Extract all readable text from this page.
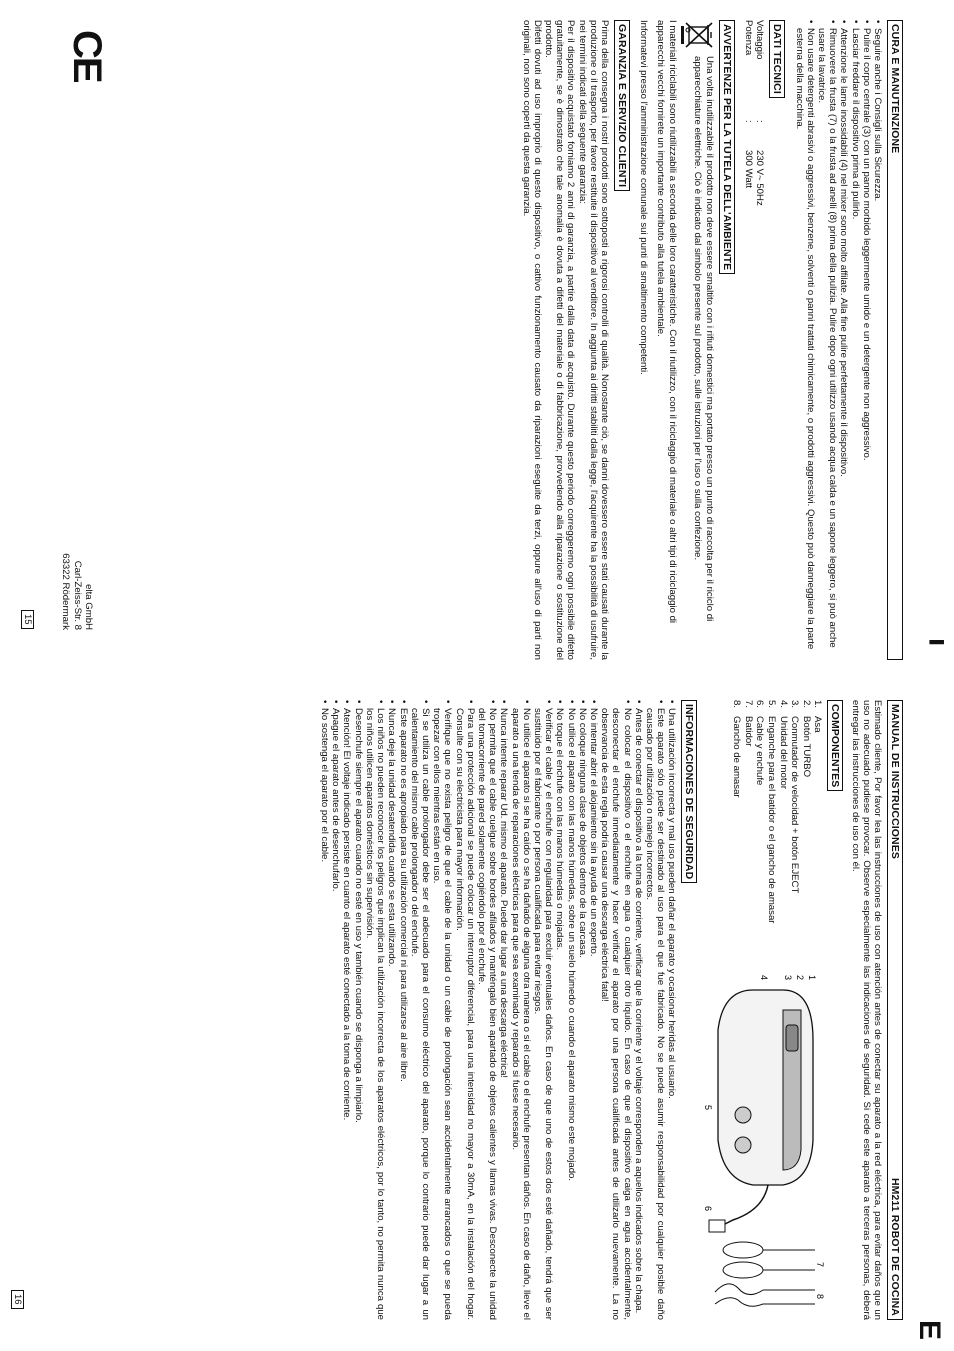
CURA E MANUTENZIONE
• Seguire anche i Consigli sulla Sicurezza.
• Pulire il corpo centrale (3) con un panno morbido leggermente umido e un detergente non aggressivo.
• Lasciar freddare il dispositivo prima di pulirlo.
• Attenzione le lame inossidabili (4) nel mixer sono molto affilate. Alla fine pulire perfettamente il dispositivo.
• Rimuovere la frusta (7) o la frusta ad anelli (8) prima della pulizia. Pulire dopo ogni utilizzo usando acqua calda e un sapone leggero, si può anche usare la lavatrice.
• Non usare detergenti abrasivi o aggressivi, benzene, solventi o panni trattati chimicamente, o prodotti aggressivi. Questo può danneggiare la parte esterna della macchina.
DATI TECNICI
Voltaggio
:
230 V~ 50Hz
Potenza
:
300 Watt
AVVERTENZE PER LA TUTELA DELL'AMBIENTE

Una volta inutilizzabile il prodotto non deve essere smaltito con i rifiuti domestici ma portato presso un punto di raccolta per il riciclo di apparecchiature elettriche. Ciò è indicato dal simbolo presente sul prodotto, sulle istruzioni per l'uso o sulla confezione.

I materiali riciclabili sono riutilizzabili a seconda delle loro caratteristiche. Con il riutilizzo, con il riciclaggio di materiale o altri tipi di riciclaggio di apparecchi vecchi fornirete un importante contributo alla tutela ambientale.

Informatevi presso l'amministrazione comunale sui punti di smaltimento competenti.

GARANZIA E SERVIZIO CLIENTI

Prima della consegna i nostri prodotti sono sottoposti a rigorosi controlli di qualità. Nonostante ciò, se danni dovessero essere stati causati durante la produzione o il trasporto, per favore restituite il dispositivo al venditore. In aggiunta ai diritti stabiliti dalla legge, l'acquirente ha la possibilità di usufruire, nei termini indicati della seguente garanzia:

Per il dispositivo acquistato forniamo 2 anni di garanzia, a partire dalla data di acquisto. Durante questo periodo correggeremo ogni possibile difetto gratuitamente, se è dimostrato che tale anomalia è dovuta a difetti del materiale o di fabbricazione, provvedendo alla riparazione o sostituzione del prodotto.

Difetti dovuti ad uso improprio di questo dispositivo, o cattivo funzionamento causato da riparazioni eseguite da terzi, oppure all'uso di parti non originali, non sono coperti da questa garanzia.

▌
CE
elta GmbH
Carl-Zeiss-Str. 8
63322 Rödermark
15
MANUAL DE INSTRUCCIONES
HM211 ROBOT DE COCINA

Estimado cliente, Por favor lea las instrucciones de uso con atención antes de conectar su aparato a la red eléctrica, para evitar daños que un uso no adecuado pudiese provocar. Observe especialmente las indicaciones de seguridad. Si cede este aparato a terceras personas, deberá entregar las instrucciones de uso con él.

COMPONENTES
1.
Asa
2.
Botón TURBO
3.
Conmutador de velocidad + botón EJECT
4.
Unidad del motor
5.
Enganche para el batidor o el gancho de amasar
6.
Cable y enchufe
7.
Batidor
8.
Gancho de amasar
1
2
3
4
5
6
7
8
INFORMACIONES DE SEGURIDAD
• Una utilización incorrecta y mal uso pueden dañar el aparato y ocasionar heridas al usuario.
• Este aparato sólo puede ser destinado al uso para el que fue fabricado. No se puede asumir responsabilidad por cualquier posible daño causado por utilización o manejo incorrectos.
• Antes de conectar el dispositivo a la toma de corriente, verificar que la corriente y el voltaje corresponden a aquellos indicados sobre la chapa.
• No colocar el dispositivo o el enchufe en agua o cualquier otro líquido. En caso de que el dispositivo caiga en agua accidentalmente, desconectar el enchufe inmediatamente y hacer verificar el aparato por una persona cualificada antes de utilizarlo nuevamente. La no observancia de esta regla podría causar una descarga eléctrica fatal!
• No intentar abrir el alojamiento sin la ayuda de un experto.
• No coloque ninguna clase de objetos dentro de la carcasa.
• No utilice el aparato con las manos húmedas, sobre un suelo húmedo o cuando el aparato mismo este mojado.
• No toque el enchufe con las manos húmedas o mojadas.
• Verificar el cable y el enchufe con regularidad para excluir eventuales daños. En caso de que uno de estos dos esté dañado, tendrá que ser sustituido por el fabricante o por persona cualificada para evitar riesgos.
• No utilice el aparato si se ha caído o se ha dañado de alguna otra manera o si el cable o el enchufe presentan daños. En caso de daño, lleve el aparato a una tienda de reparaciones eléctricas para que sea examinado y reparado si fuese necesario.
• Nunca intente reparar Ud. mismo el aparato. Puede dar lugar a una descarga eléctrica!
• No permita que el cable cuelgue sobre bordes afilados y manténgalo bien apartado de objetos calientes y llamas vivas. Desconecte la unidad del tomacorriente de pared solamente cogiéndolo por el enchufe.
• Para una protección adicional se puede colocar un interruptor diferencial, para una intensidad no mayor a 30mA, en la instalación del hogar. Consulte con su electricista para mayor información.
• Verifique que no exista peligro de que el cable de la unidad o un cable de prolongación sean accidentalmente arrancados o que se pueda tropezar con ellos mientras están en uso.
• Si se utiliza un cable prolongador debe ser el adecuado para el consumo eléctrico del aparato, porque lo contrario puede dar lugar a un calentamiento del mismo cable prolongador o del enchufe.
• Este aparato no es apropiado para su utilización comercial ni para utilizarse al aire libre.
• Nunca deje la unidad desatendida cuando se esta utilizando.
• Los niños no pueden reconocer los peligros que implican la utilización incorrecta de los aparatos eléctricos, por lo tanto, no permita nunca que los niños utilicen aparatos domésticos sin supervisión.
• Desenchufe siempre el aparato cuando no esté en uso y también cuando se disponga a limpiarlo.
• Atención! El voltaje indicado persiste en cuanto el aparato esté conectado a la toma de corriente.
• Apague el aparato antes de desenchufarlo.
• No sostenga el aparato por el cable.
E
16
